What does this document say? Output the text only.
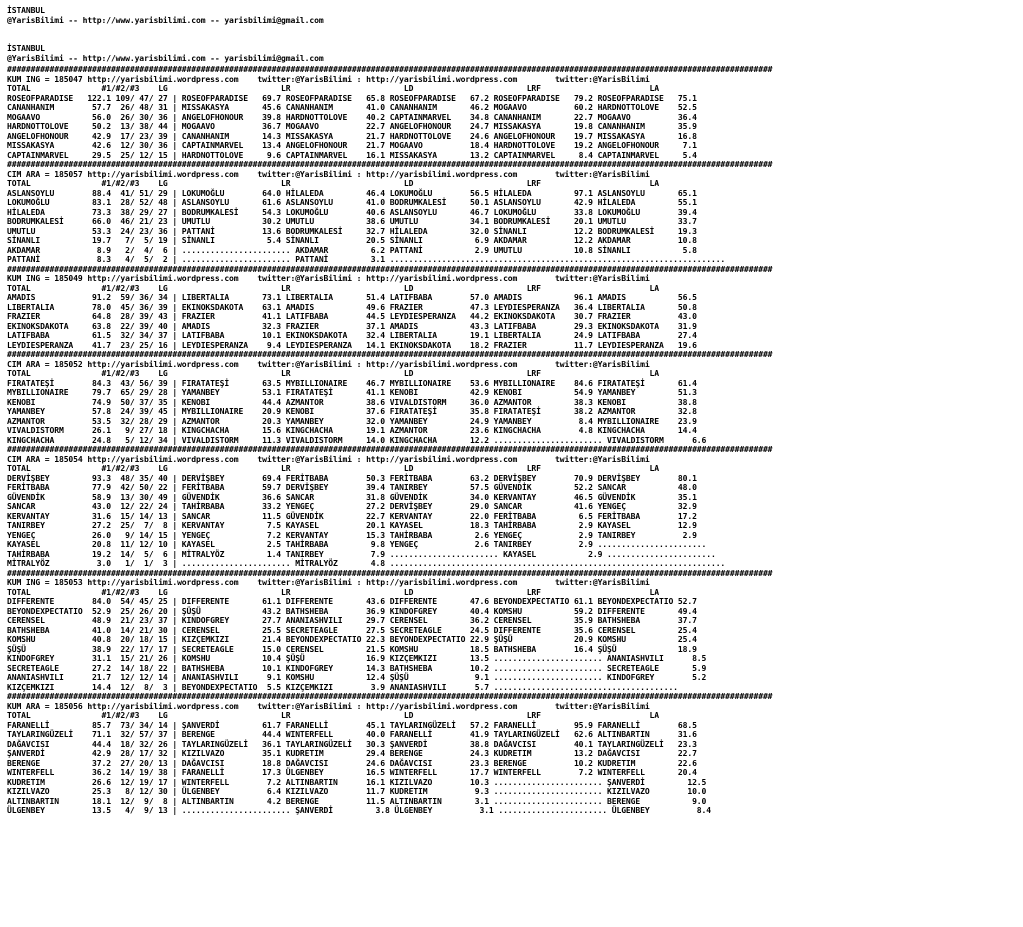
İSTANBUL
@YarisBilimi -- http://www.yarisbilimi.com -- yarisbilimi@gmail.com
İSTANBUL
@YarisBilimi -- http://www.yarisbilimi.com -- yarisbilimi@gmail.com
##################################################################################################################################################################
KUM ING = 185047 http://yarisbilimi.wordpress.com    twitter:@YarisBilimi : http://yarisbilimi.wordpress.com        twitter:@YarisBilimi
TOTAL               #1/#2/#3    LG                        LR                        LD                        LRF                       LA
ROSEOFPARADISE   122.1 109/ 47/ 27 | ROSEOFPARADISE   69.7 ROSEOFPARADISE   65.8 ROSEOFPARADISE   67.2 ROSEOFPARADISE   79.2 ROSEOFPARADISE   75.1
CANANHANIM        57.7  26/ 48/ 31 | MISSAKASYA       45.6 CANANHANIM       41.0 CANANHANIM       46.2 MOGAAVO          60.2 HARDNOTTOLOVE    52.5
MOGAAVO           56.0  26/ 30/ 36 | ANGELOFHONOUR    39.8 HARDNOTTOLOVE    40.2 CAPTAINMARVEL    34.8 CANANHANIM       22.7 MOGAAVO          36.4
HARDNOTTOLOVE     50.2  13/ 38/ 44 | MOGAAVO          36.7 MOGAAVO          22.7 ANGELOFHONOUR    24.7 MISSAKASYA       19.8 CANANHANIM       35.9
ANGELOFHONOUR     42.9  17/ 23/ 39 | CANANHANIM       14.3 MISSAKASYA       21.7 HARDNOTTOLOVE    24.6 ANGELOFHONOUR    19.7 MISSAKASYA       16.8
MISSAKASYA        42.6  12/ 30/ 36 | CAPTAINMARVEL    13.4 ANGELOFHONOUR    21.7 MOGAAVO          18.4 HARDNOTTOLOVE    19.2 ANGELOFHONOUR     7.1
CAPTAINMARVEL     29.5  25/ 12/ 15 | HARDNOTTOLOVE     9.6 CAPTAINMARVEL    16.1 MISSAKASYA       13.2 CAPTAINMARVEL     8.4 CAPTAINMARVEL     5.4
##################################################################################################################################################################
CIM ARA = 185057 http://yarisbilimi.wordpress.com    twitter:@YarisBilimi : http://yarisbilimi.wordpress.com        twitter:@YarisBilimi
TOTAL               #1/#2/#3    LG                        LR                        LD                        LRF                       LA
ASLANSOYLU        88.4  41/ 51/ 29 | LOKUMOĞLU        64.0 HİLALEDA         46.4 LOKUMOĞLU        56.5 HİLALEDA         97.1 ASLANSOYLU       65.1
LOKUMOĞLU         83.1  28/ 52/ 48 | ASLANSOYLU       61.6 ASLANSOYLU       41.0 BODRUMKALESİ     50.1 ASLANSOYLU       42.9 HİLALEDA         55.1
HİLALEDA          73.3  38/ 29/ 27 | BODRUMKALESİ     54.3 LOKUMOĞLU        40.6 ASLANSOYLU       46.7 LOKUMOĞLU        33.8 LOKUMOĞLU        39.4
BODRUMKALESİ      66.0  46/ 21/ 23 | UMUTLU           30.2 UMUTLU           38.6 UMUTLU           34.1 BODRUMKALESİ     20.1 UMUTLU           33.7
UMUTLU            53.3  24/ 23/ 36 | PATTANİ          13.6 BODRUMKALESİ     32.7 HİLALEDA         32.0 SİNANLI          12.2 BODRUMKALESİ     19.3
SİNANLI           19.7   7/  5/ 19 | SİNANLI           5.4 SİNANLI          20.5 SİNANLI           6.9 AKDAMAR          12.2 AKDAMAR          10.8
AKDAMAR            8.9   2/  4/  6 | ....................... AKDAMAR         6.2 PATTANİ           2.9 UMUTLU           10.8 SİNANLI           5.8
PATTANİ            8.3   4/  5/  2 | ....................... PATTANİ         3.1 .......................................................................
##################################################################################################################################################################
KUM ING = 185049 http://yarisbilimi.wordpress.com    twitter:@YarisBilimi : http://yarisbilimi.wordpress.com        twitter:@YarisBilimi
TOTAL               #1/#2/#3    LG                        LR                        LD                        LRF                       LA
AMADIS            91.2  59/ 36/ 34 | LIBERTALIA       73.1 LIBERTALIA       51.4 LATIFBABA        57.0 AMADIS           96.1 AMADIS           56.5
LIBERTALIA        78.0  45/ 36/ 39 | EKINOKSDAKOTA    63.1 AMADIS           49.6 FRAZIER          47.3 LEYDIESPERANZA   36.4 LIBERTALIA       50.8
FRAZIER           64.8  28/ 39/ 43 | FRAZIER          41.1 LATIFBABA        44.5 LEYDIESPERANZA   44.2 EKINOKSDAKOTA    30.7 FRAZIER          43.0
EKINOKSDAKOTA     63.8  22/ 39/ 40 | AMADIS           32.3 FRAZIER          37.1 AMADIS           43.3 LATIFBABA        29.3 EKINOKSDAKOTA    31.9
LATIFBABA         61.5  32/ 34/ 37 | LATIFBABA        10.1 EKINOKSDAKOTA    32.4 LIBERTALIA       19.1 LIBERTALIA       24.9 LATIFBABA        27.4
LEYDIESPERANZA    41.7  23/ 25/ 16 | LEYDIESPERANZA    9.4 LEYDIESPERANZA   14.1 EKINOKSDAKOTA    18.2 FRAZIER          11.7 LEYDIESPERANZA   19.6
##################################################################################################################################################################
CIM ARA = 185052 http://yarisbilimi.wordpress.com    twitter:@YarisBilimi : http://yarisbilimi.wordpress.com        twitter:@YarisBilimi
TOTAL               #1/#2/#3    LG                        LR                        LD                        LRF                       LA
FIRATATEŞİ        84.3  43/ 56/ 39 | FIRATATEŞİ       63.5 MYBILLIONAIRE    46.7 MYBILLIONAIRE    53.6 MYBILLIONAIRE    84.6 FIRATATEŞİ       61.4
MYBILLIONAIRE     79.7  65/ 29/ 28 | YAMANBEY         53.1 FIRATATEŞİ       41.1 KENOBI           42.9 KENOBI           54.9 YAMANBEY         51.3
KENOBI            74.9  50/ 37/ 35 | KENOBI           44.4 AZMANTOR         38.6 VIVALDISTORM     36.0 AZMANTOR         38.3 KENOBI           38.8
YAMANBEY          57.8  24/ 39/ 45 | MYBILLIONAIRE    20.9 KENOBI           37.6 FIRATATEŞİ       35.8 FIRATATEŞİ       38.2 AZMANTOR         32.8
AZMANTOR          53.5  32/ 28/ 29 | AZMANTOR         20.3 YAMANBEY         32.0 YAMANBEY         24.9 YAMANBEY          8.4 MYBILLIONAIRE    23.9
VIVALDISTORM      26.1   9/ 27/ 18 | KINGCHACHA       15.6 KINGCHACHA       19.1 AZMANTOR         23.6 KINGCHACHA        4.8 KINGCHACHA       14.4
KINGCHACHA        24.8   5/ 12/ 34 | VIVALDISTORM     11.3 VIVALDISTORM     14.0 KINGCHACHA       12.2 ....................... VIVALDISTORM      6.6
##################################################################################################################################################################
CIM ARA = 185054 http://yarisbilimi.wordpress.com    twitter:@YarisBilimi : http://yarisbilimi.wordpress.com        twitter:@YarisBilimi
TOTAL               #1/#2/#3    LG                        LR                        LD                        LRF                       LA
DERVİŞBEY         93.3  48/ 35/ 40 | DERVİŞBEY        69.4 FERİTBABA        50.3 FERİTBABA        63.2 DERVİŞBEY        70.9 DERVİŞBEY        80.1
FERİTBABA         77.9  42/ 50/ 22 | FERİTBABA        59.7 DERVİŞBEY        39.4 TANIRBEY         57.5 GÜVENDİK         52.2 SANCAR           48.0
GÜVENDİK          58.9  13/ 30/ 49 | GÜVENDİK         36.6 SANCAR           31.8 GÜVENDİK         34.0 KERVANTAY        46.5 GÜVENDİK         35.1
SANCAR            43.0  12/ 22/ 24 | TAHİRBABA        33.2 YENGEÇ           27.2 DERVİŞBEY        29.0 SANCAR           41.6 YENGEÇ           32.9
KERVANTAY         31.6  15/ 14/ 13 | SANCAR           11.5 GÜVENDİK         22.7 KERVANTAY        22.0 FERİTBABA         6.5 FERİTBABA        17.2
TANIRBEY          27.2  25/  7/  8 | KERVANTAY         7.5 KAYASEL          20.1 KAYASEL          18.3 TAHİRBABA         2.9 KAYASEL          12.9
YENGEÇ            26.0   9/ 14/ 15 | YENGEÇ            7.2 KERVANTAY        15.3 TAHİRBABA         2.6 YENGEÇ            2.9 TANIRBEY          2.9
KAYASEL           20.8  11/ 12/ 10 | KAYASEL           2.5 TAHİRBABA         9.8 YENGEÇ            2.6 TANIRBEY          2.9 .......................
TAHİRBABA         19.2  14/  5/  6 | MİTRALYÖZ         1.4 TANIRBEY          7.9 ....................... KAYASEL           2.9 .......................
MİTRALYÖZ          3.0   1/  1/  3 | ....................... MİTRALYÖZ       4.8 .......................................................................
##################################################################################################################################################################
KUM ING = 185053 http://yarisbilimi.wordpress.com    twitter:@YarisBilimi : http://yarisbilimi.wordpress.com        twitter:@YarisBilimi
TOTAL               #1/#2/#3    LG                        LR                        LD                        LRF                       LA
DIFFERENTE        84.0  54/ 45/ 25 | DIFFERENTE       61.1 DIFFERENTE       43.6 DIFFERENTE       47.6 BEYONDEXPECTATIO 61.1 BEYONDEXPECTATIO 52.7
BEYONDEXPECTATIO  52.9  25/ 26/ 20 | ŞÜŞÜ             43.2 BATHSHEBA        36.9 KINDOFGREY       40.4 KOMSHU           59.2 DIFFERENTE       49.4
CERENSEL          48.9  21/ 23/ 37 | KINDOFGREY       27.7 ANANIASHVILI     29.7 CERENSEL         36.2 CERENSEL         35.9 BATHSHEBA        37.7
BATHSHEBA         41.0  14/ 21/ 30 | CERENSEL         25.5 SECRETEAGLE      27.5 SECRETEAGLE      24.5 DIFFERENTE       35.6 CERENSEL         25.4
KOMSHU            40.8  20/ 18/ 15 | KIZÇEMKIZI       21.4 BEYONDEXPECTATIO 22.3 BEYONDEXPECTATIO 22.9 ŞÜŞÜ             20.9 KOMSHU           25.4
ŞÜŞÜ              38.9  22/ 17/ 17 | SECRETEAGLE      15.0 CERENSEL         21.5 KOMSHU           18.5 BATHSHEBA        16.4 ŞÜŞÜ             18.9
KINDOFGREY        31.1  15/ 21/ 26 | KOMSHU           10.4 ŞÜŞÜ             16.9 KIZÇEMKIZI       13.5 ....................... ANANIASHVILI      8.5
SECRETEAGLE       27.2  14/ 18/ 22 | BATHSHEBA        10.1 KINDOFGREY       14.3 BATHSHEBA        10.2 ....................... SECRETEAGLE       5.9
ANANIASHVILI      21.7  12/ 12/ 14 | ANANIASHVILI      9.1 KOMSHU           12.4 ŞÜŞÜ              9.1 ....................... KINDOFGREY        5.2
KIZÇEMKIZI        14.4  12/  8/  3 | BEYONDEXPECTATIO  5.5 KIZÇEMKIZI        3.9 ANANIASHVILI      5.7 .......................................
##################################################################################################################################################################
KUM ARA = 185056 http://yarisbilimi.wordpress.com    twitter:@YarisBilimi : http://yarisbilimi.wordpress.com        twitter:@YarisBilimi
TOTAL               #1/#2/#3    LG                        LR                        LD                        LRF                       LA
FARANELLİ         85.7  73/ 34/ 14 | ŞANVERDİ         61.7 FARANELLİ        45.1 TAYLARINGÜZELİ   57.2 FARANELLİ        95.9 FARANELLİ        68.5
TAYLARINGÜZELİ    71.1  32/ 57/ 37 | BERENGE          44.4 WINTERFELL       40.0 FARANELLİ        41.9 TAYLARINGÜZELİ   62.6 ALTINBARTIN      31.6
DAĞAVCISI         44.4  18/ 32/ 26 | TAYLARINGÜZELİ   36.1 TAYLARINGÜZELİ   30.3 ŞANVERDİ         38.8 DAĞAVCISI        40.1 TAYLARINGÜZELİ   23.3
ŞANVERDİ          42.9  28/ 17/ 32 | KIZILVAZO        35.1 KUDRETIM         29.4 BERENGE          24.3 KUDRETIM         13.2 DAĞAVCISI        22.7
BERENGE           37.2  27/ 20/ 13 | DAĞAVCISI        18.8 DAĞAVCISI        24.6 DAĞAVCISI        23.3 BERENGE          10.2 KUDRETIM         22.6
WINTERFELL        36.2  14/ 19/ 38 | FARANELLİ        17.3 ÜLGENBEY         16.5 WINTERFELL       17.7 WINTERFELL        7.2 WINTERFELL       20.4
KUDRETIM          26.6  12/ 19/ 17 | WINTERFELL        7.2 ALTINBARTIN      16.1 KIZILVAZO        10.3 ....................... ŞANVERDİ         12.5
KIZILVAZO         25.3   8/ 12/ 30 | ÜLGENBEY          6.4 KIZILVAZO        11.7 KUDRETIM          9.3 ....................... KIZILVAZO        10.0
ALTINBARTIN       18.1  12/  9/  8 | ALTINBARTIN       4.2 BERENGE          11.5 ALTINBARTIN       3.1 ....................... BERENGE           9.0
ÜLGENBEY          13.5   4/  9/ 13 | ....................... ŞANVERDİ         3.8 ÜLGENBEY          3.1 ....................... ÜLGENBEY          8.4
